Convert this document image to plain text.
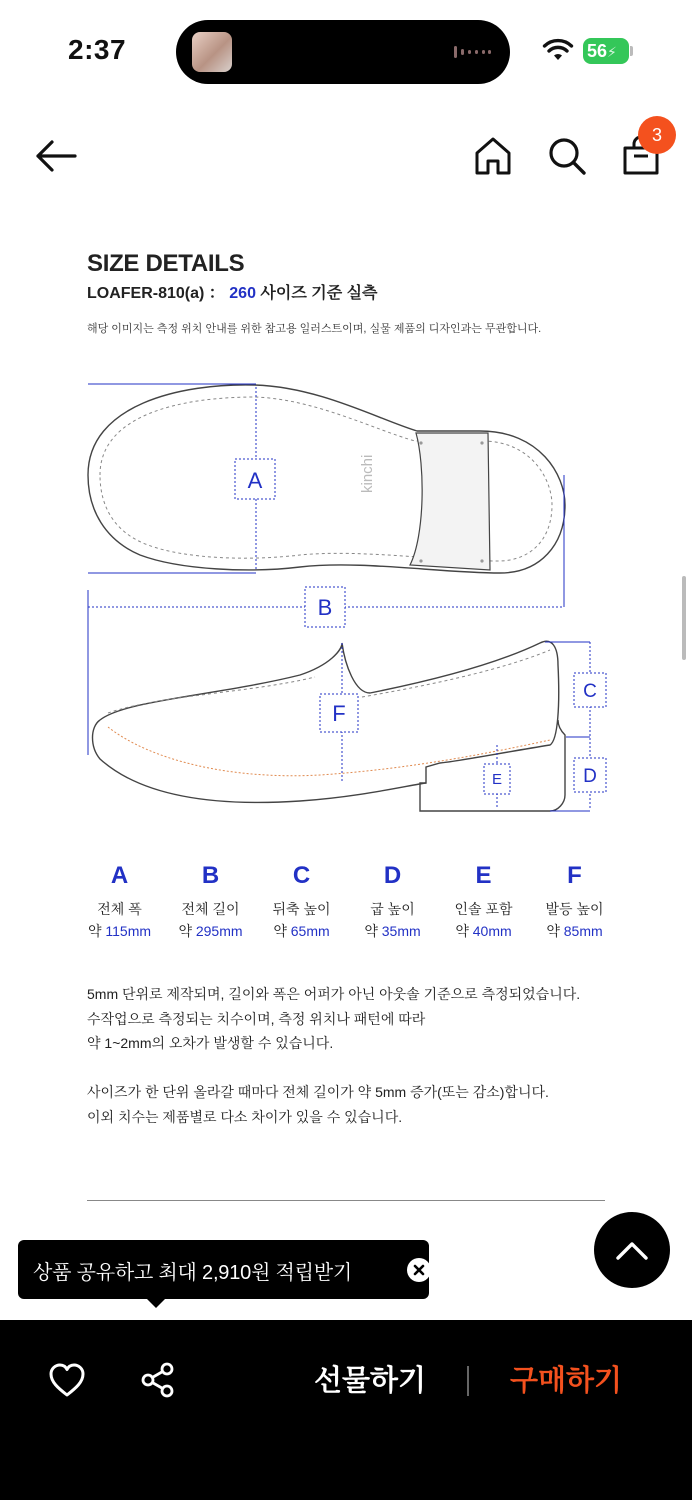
2:37	56⚡
3
SIZE DETAILS
LOAFER-810(a) ： 260 사이즈 기준 실측
해당 이미지는 측정 위치 안내를 위한 참고용 일러스트이며, 실물 제품의 디자인과는 무관합니다.
kinchi
A
B
C
D
E
F
A
전체 폭
약 115mm
B
전체 길이
약 295mm
C
뒤축 높이
약 65mm
D
굽 높이
약 35mm
E
인솔 포함
약 40mm
F
발등 높이
약 85mm
5mm 단위로 제작되며, 길이와 폭은 어퍼가 아닌 아웃솔 기준으로 측정되었습니다.
수작업으로 측정되는 치수이며, 측정 위치나 패턴에 따라
약 1~2mm의 오차가 발생할 수 있습니다.
사이즈가 한 단위 올라갈 때마다 전체 길이가 약 5mm 증가(또는 감소)합니다.
이외 치수는 제품별로 다소 차이가 있을 수 있습니다.
상품 공유하고 최대 2,910원 적립받기
선물하기	구매하기
